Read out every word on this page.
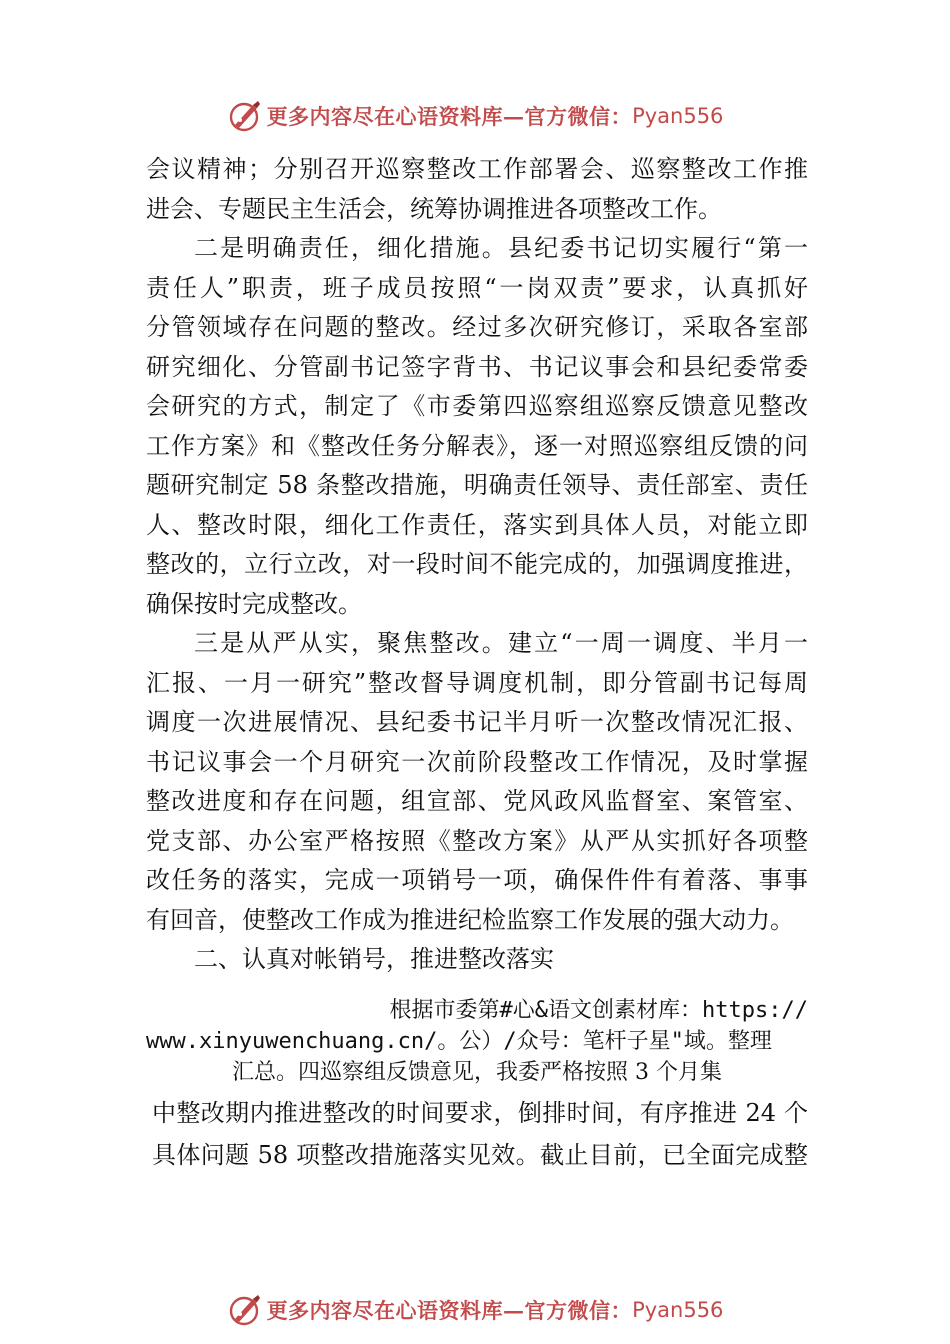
更多内容尽在心语资料库—官方微信： Pyan556
会议精神；分别召开巡察整改工作部署会、巡察整改工作推
进会、专题民主生活会，统筹协调推进各项整改工作。
二是明确责任，细化措施。县纪委书记切实履行“第一
责任人”职责，班子成员按照“一岗双责”要求，认真抓好
分管领域存在问题的整改。经过多次研究修订，采取各室部
研究细化、分管副书记签字背书、书记议事会和县纪委常委
会研究的方式，制定了《市委第四巡察组巡察反馈意见整改
工作方案》和《整改任务分解表》，逐一对照巡察组反馈的问
题研究制定 58 条整改措施，明确责任领导、责任部室、责任
人、整改时限，细化工作责任，落实到具体人员，对能立即
整改的，立行立改，对一段时间不能完成的，加强调度推进，
确保按时完成整改。
三是从严从实，聚焦整改。建立“一周一调度、半月一
汇报、一月一研究”整改督导调度机制，即分管副书记每周
调度一次进展情况、县纪委书记半月听一次整改情况汇报、
书记议事会一个月研究一次前阶段整改工作情况，及时掌握
整改进度和存在问题，组宣部、党风政风监督室、案管室、
党支部、办公室严格按照《整改方案》从严从实抓好各项整
改任务的落实，完成一项销号一项，确保件件有着落、事事
有回音，使整改工作成为推进纪检监察工作发展的强大动力。
二、认真对帐销号，推进整改落实
根据市委第#心&语文创素材库：https://
www.xinyuwenchuang.cn/。公）/众号：笔杆子星"域。整理
汇总。四巡察组反馈意见，我委严格按照 3 个月集
中整改期内推进整改的时间要求，倒排时间，有序推进 24 个
具体问题 58 项整改措施落实见效。截止目前，已全面完成整
更多内容尽在心语资料库—官方微信： Pyan556
